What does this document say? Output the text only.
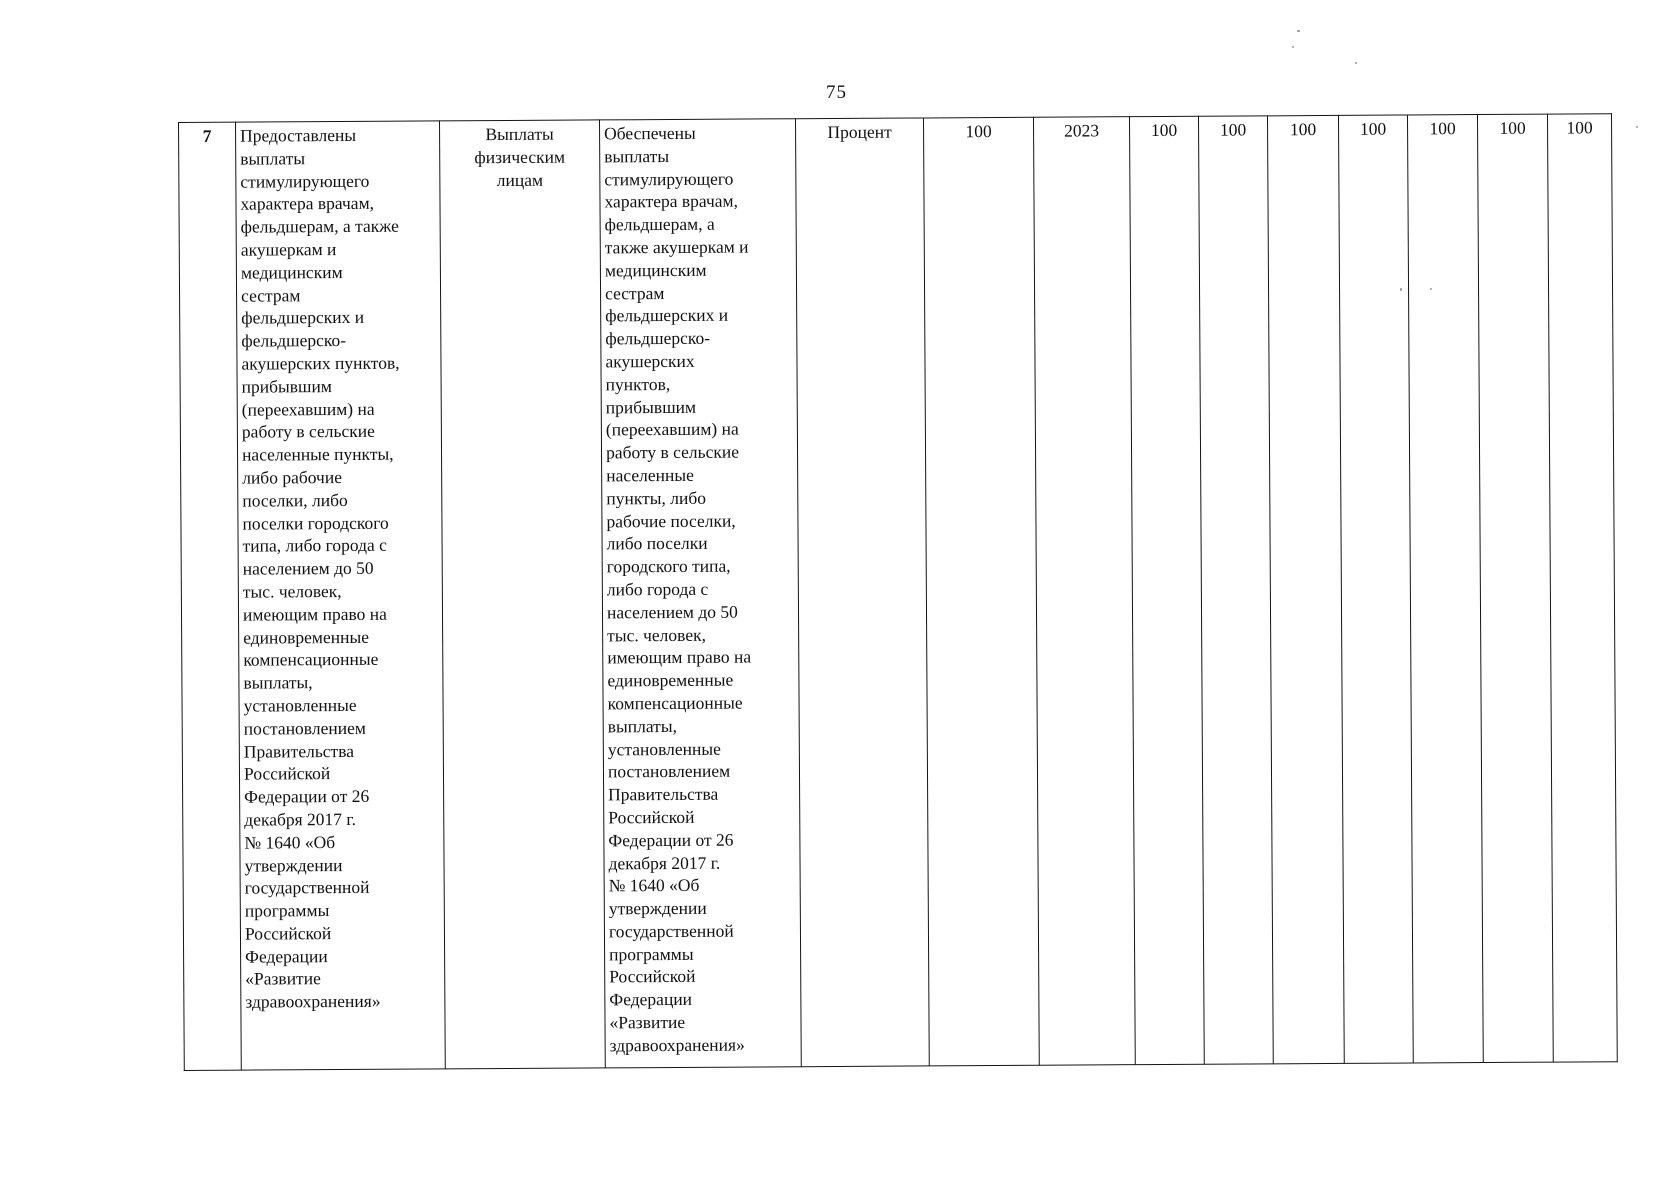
75
7	Предоставлены
выплаты
стимулирующего
характера врачам,
фельдшерам, а также
акушеркам и
медицинским
сестрам
фельдшерских и
фельдшерско-
акушерских пунктов,
прибывшим
(переехавшим) на
работу в сельские
населенные пункты,
либо рабочие
поселки, либо
поселки городского
типа, либо города с
населением до 50
тыс. человек,
имеющим право на
единовременные
компенсационные
выплаты,
установленные
постановлением
Правительства
Российской
Федерации от 26
декабря 2017 г.
№ 1640 «Об
утверждении
государственной
программы
Российской
Федерации
«Развитие
здравоохранения»	Выплаты
физическим
лицам	Обеспечены
выплаты
стимулирующего
характера врачам,
фельдшерам, а
также акушеркам и
медицинским
сестрам
фельдшерских и
фельдшерско-
акушерских
пунктов,
прибывшим
(переехавшим) на
работу в сельские
населенные
пункты, либо
рабочие поселки,
либо поселки
городского типа,
либо города с
населением до 50
тыс. человек,
имеющим право на
единовременные
компенсационные
выплаты,
установленные
постановлением
Правительства
Российской
Федерации от 26
декабря 2017 г.
№ 1640 «Об
утверждении
государственной
программы
Российской
Федерации
«Развитие
здравоохранения»	Процент	100	2023	100	100	100	100	100	100	100
